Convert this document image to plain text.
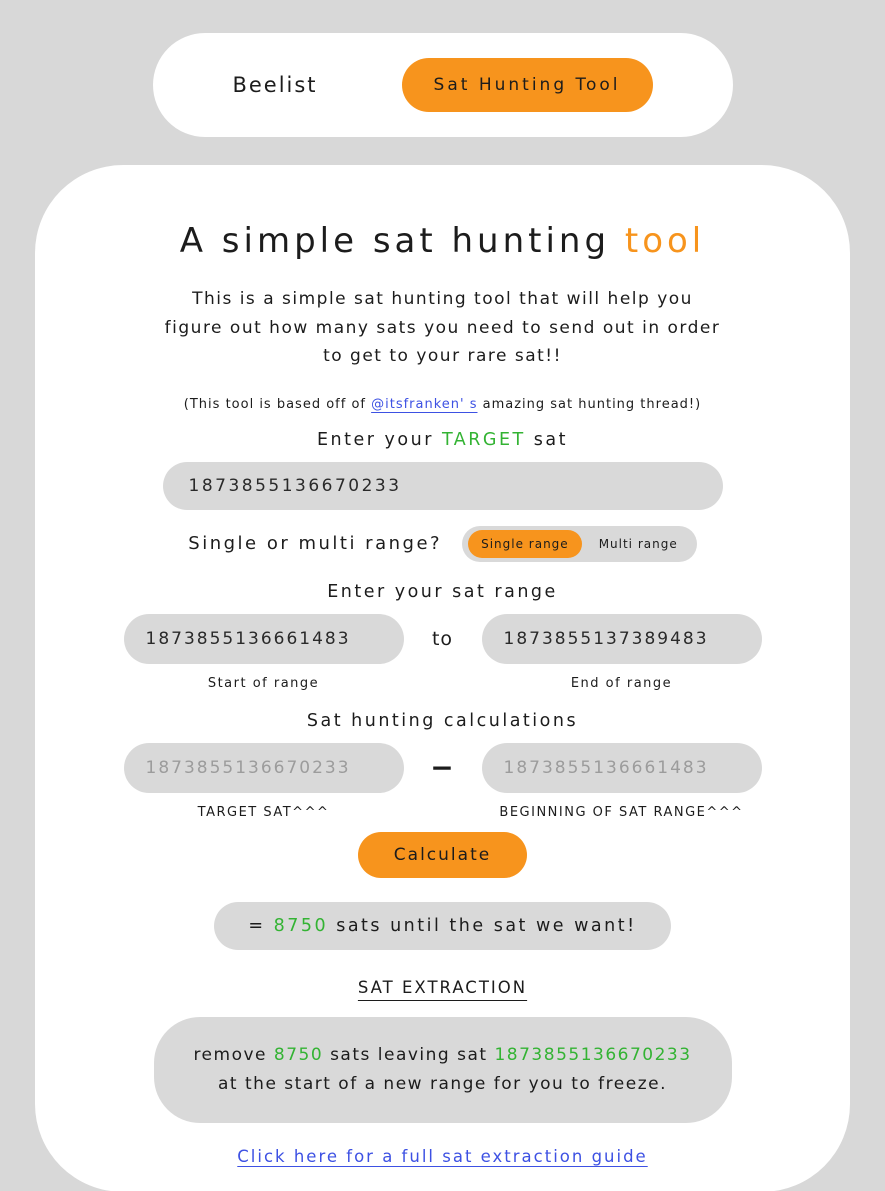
Beelist	Sat Hunting Tool
A simple sat hunting tool

This is a simple sat hunting tool that will help you figure out how many sats you need to send out in order to get to your rare sat!!

(This tool is based off of @itsfranken' s amazing sat hunting thread!)

Enter your TARGET sat
1873855136670233
Single or multi range?	Single range	Multi range
Enter your sat range
1873855136661483
to
1873855137389483
Start of range	End of range
Sat hunting calculations
1873855136670233
−
1873855136661483
TARGET SAT^^^	BEGINNING OF SAT RANGE^^^
Calculate
= 8750 sats until the sat we want!
SAT EXTRACTION
remove 8750 sats leaving sat 1873855136670233 at the start of a new range for you to freeze.
Click here for a full sat extraction guide
